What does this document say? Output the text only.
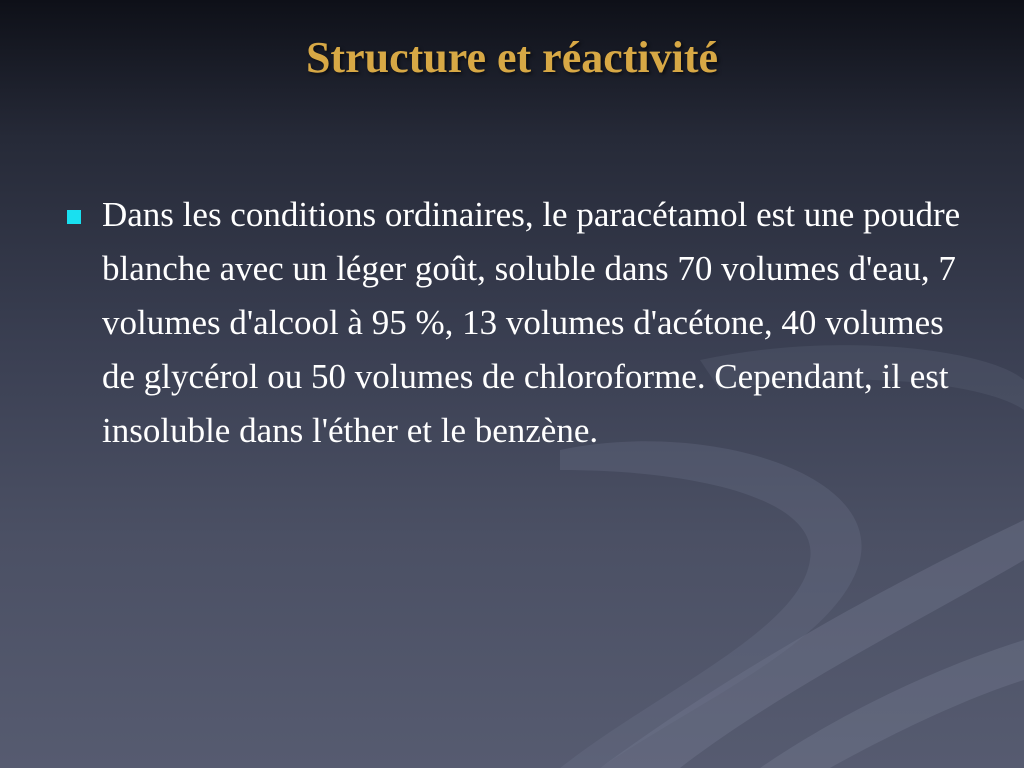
Structure et réactivité
Dans les conditions ordinaires, le paracétamol est une poudre blanche avec un léger goût, soluble dans 70 volumes d'eau, 7 volumes d'alcool à 95 %, 13 volumes d'acétone, 40 volumes de glycérol ou 50 volumes de chloroforme. Cependant, il est insoluble dans l'éther et le benzène.
